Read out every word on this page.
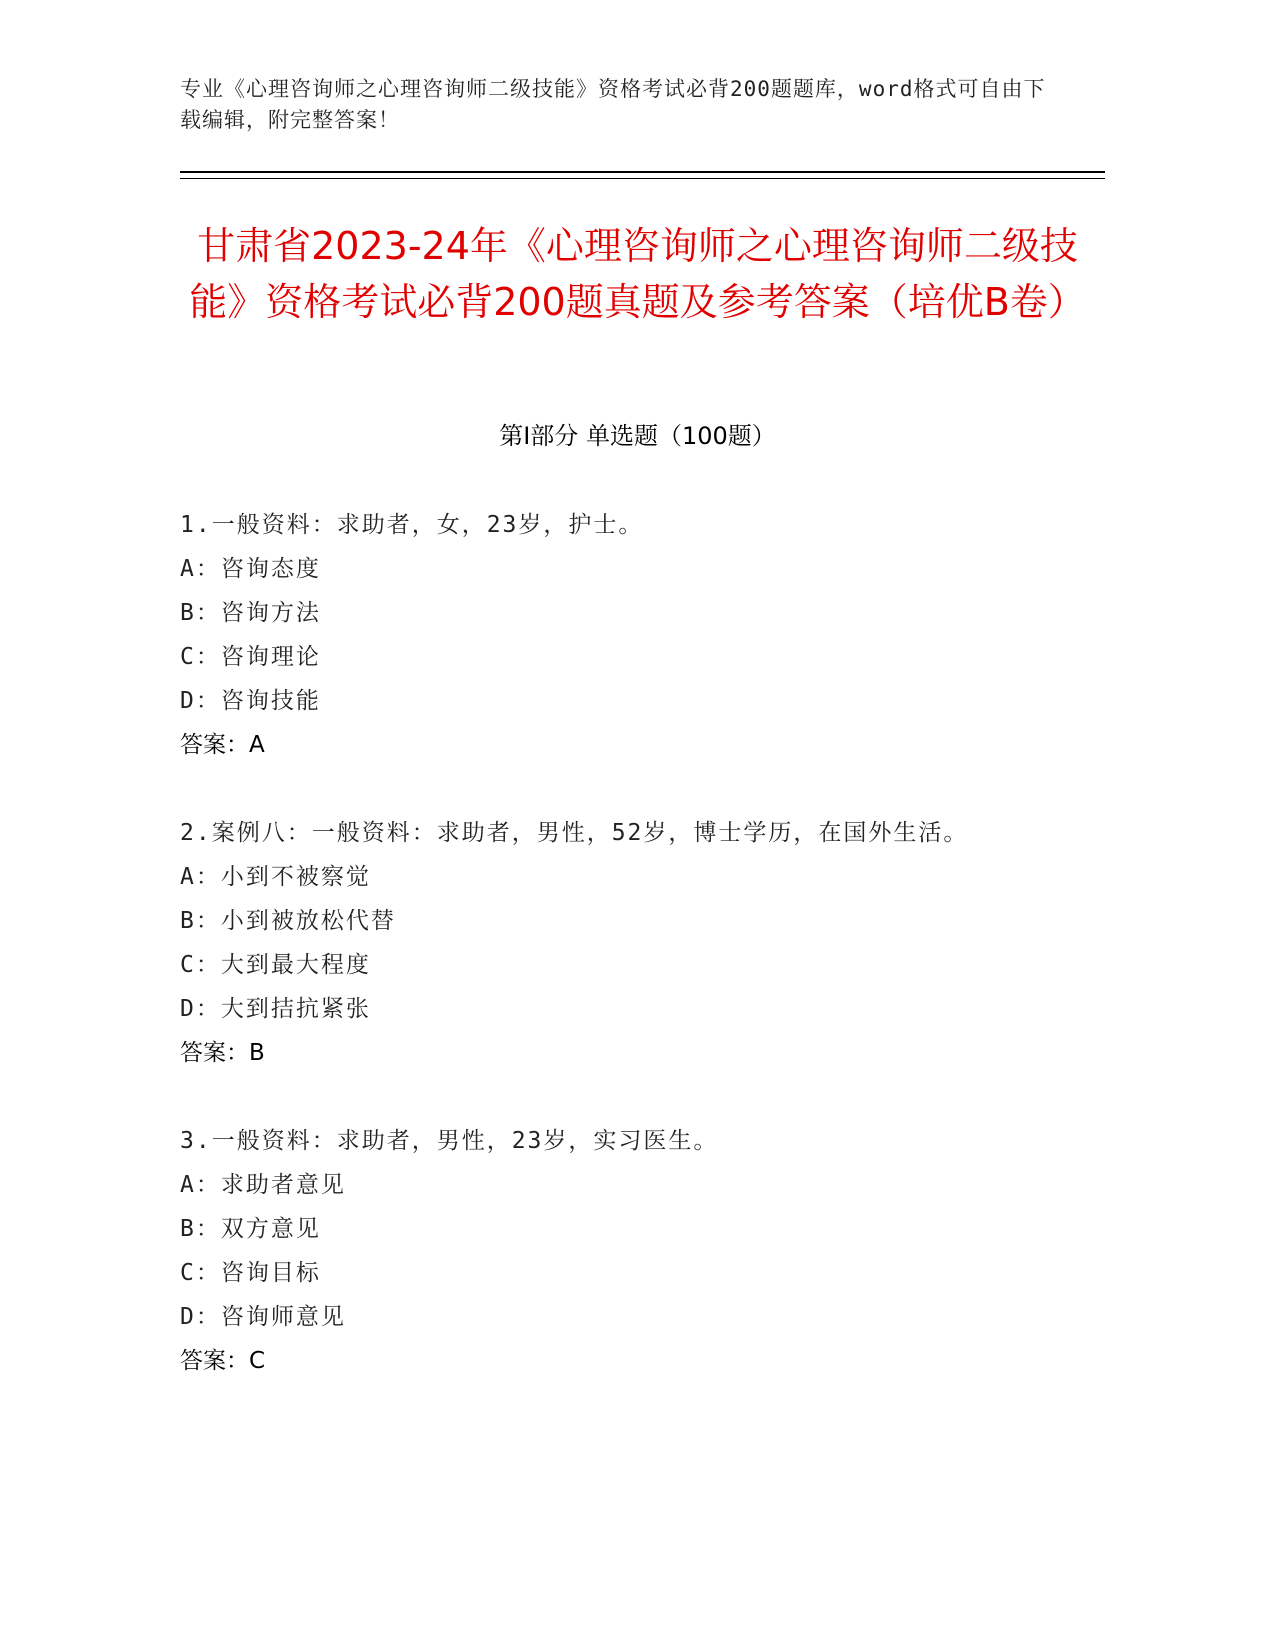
专业《心理咨询师之心理咨询师二级技能》资格考试必背200题题库，word格式可自由下载编辑，附完整答案！
甘肃省2023-24年《心理咨询师之心理咨询师二级技能》资格考试必背200题真题及参考答案（培优B卷）
第Ⅰ部分 单选题（100题）
1.一般资料：求助者，女，23岁，护士。
A：咨询态度
B：咨询方法
C：咨询理论
D：咨询技能
答案：A
2.案例八：一般资料：求助者，男性，52岁，博士学历，在国外生活。
A：小到不被察觉
B：小到被放松代替
C：大到最大程度
D：大到拮抗紧张
答案：B
3.一般资料：求助者，男性，23岁，实习医生。
A：求助者意见
B：双方意见
C：咨询目标
D：咨询师意见
答案：C
